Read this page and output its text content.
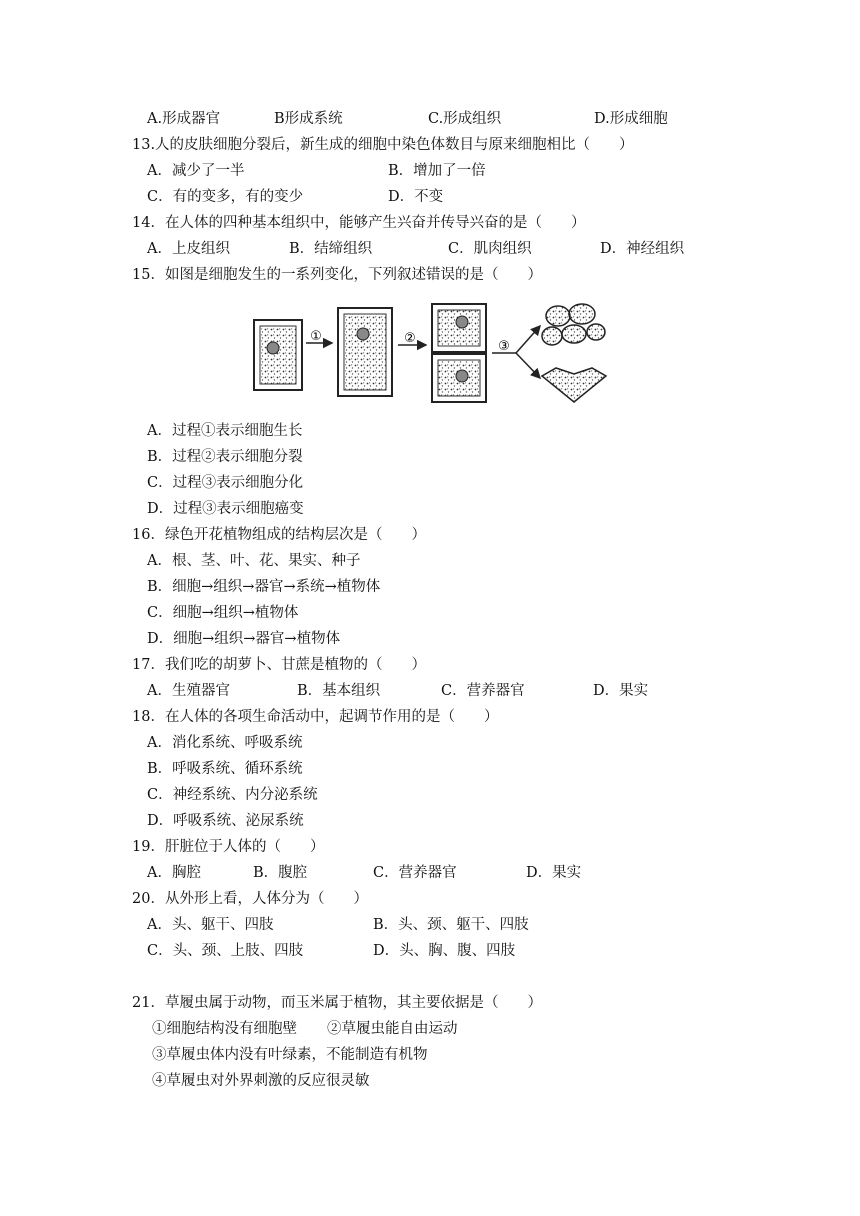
A.形成器官	B形成系统	C.形成组织	D.形成细胞
13.人的皮肤细胞分裂后，新生成的细胞中染色体数目与原来细胞相比（　　）
A．减少了一半	B．增加了一倍
C．有的变多，有的变少	D．不变
14．在人体的四种基本组织中，能够产生兴奋并传导兴奋的是（　　）
A．上皮组织	B．结缔组织	C．肌肉组织	D．神经组织
15．如图是细胞发生的一系列变化，下列叙述错误的是（　　）
①	②
③
A．过程①表示细胞生长
B．过程②表示细胞分裂
C．过程③表示细胞分化
D．过程③表示细胞癌变
16．绿色开花植物组成的结构层次是（　　）
A．根、茎、叶、花、果实、种子
B．细胞→组织→器官→系统→植物体
C．细胞→组织→植物体
D．细胞→组织→器官→植物体
17．我们吃的胡萝卜、甘蔗是植物的（　　）
A．生殖器官	B．基本组织	C．营养器官	D．果实
18．在人体的各项生命活动中，起调节作用的是（　　）
A．消化系统、呼吸系统
B．呼吸系统、循环系统
C．神经系统、内分泌系统
D．呼吸系统、泌尿系统
19．肝脏位于人体的（　　）
A．胸腔	B．腹腔	C．营养器官	D．果实
20．从外形上看，人体分为（　　）
A．头、躯干、四肢	B．头、颈、躯干、四肢
C．头、颈、上肢、四肢	D．头、胸、腹、四肢
21．草履虫属于动物，而玉米属于植物，其主要依据是（　　）
①细胞结构没有细胞壁 ②草履虫能自由运动
③草履虫体内没有叶绿素，不能制造有机物
④草履虫对外界刺激的反应很灵敏
